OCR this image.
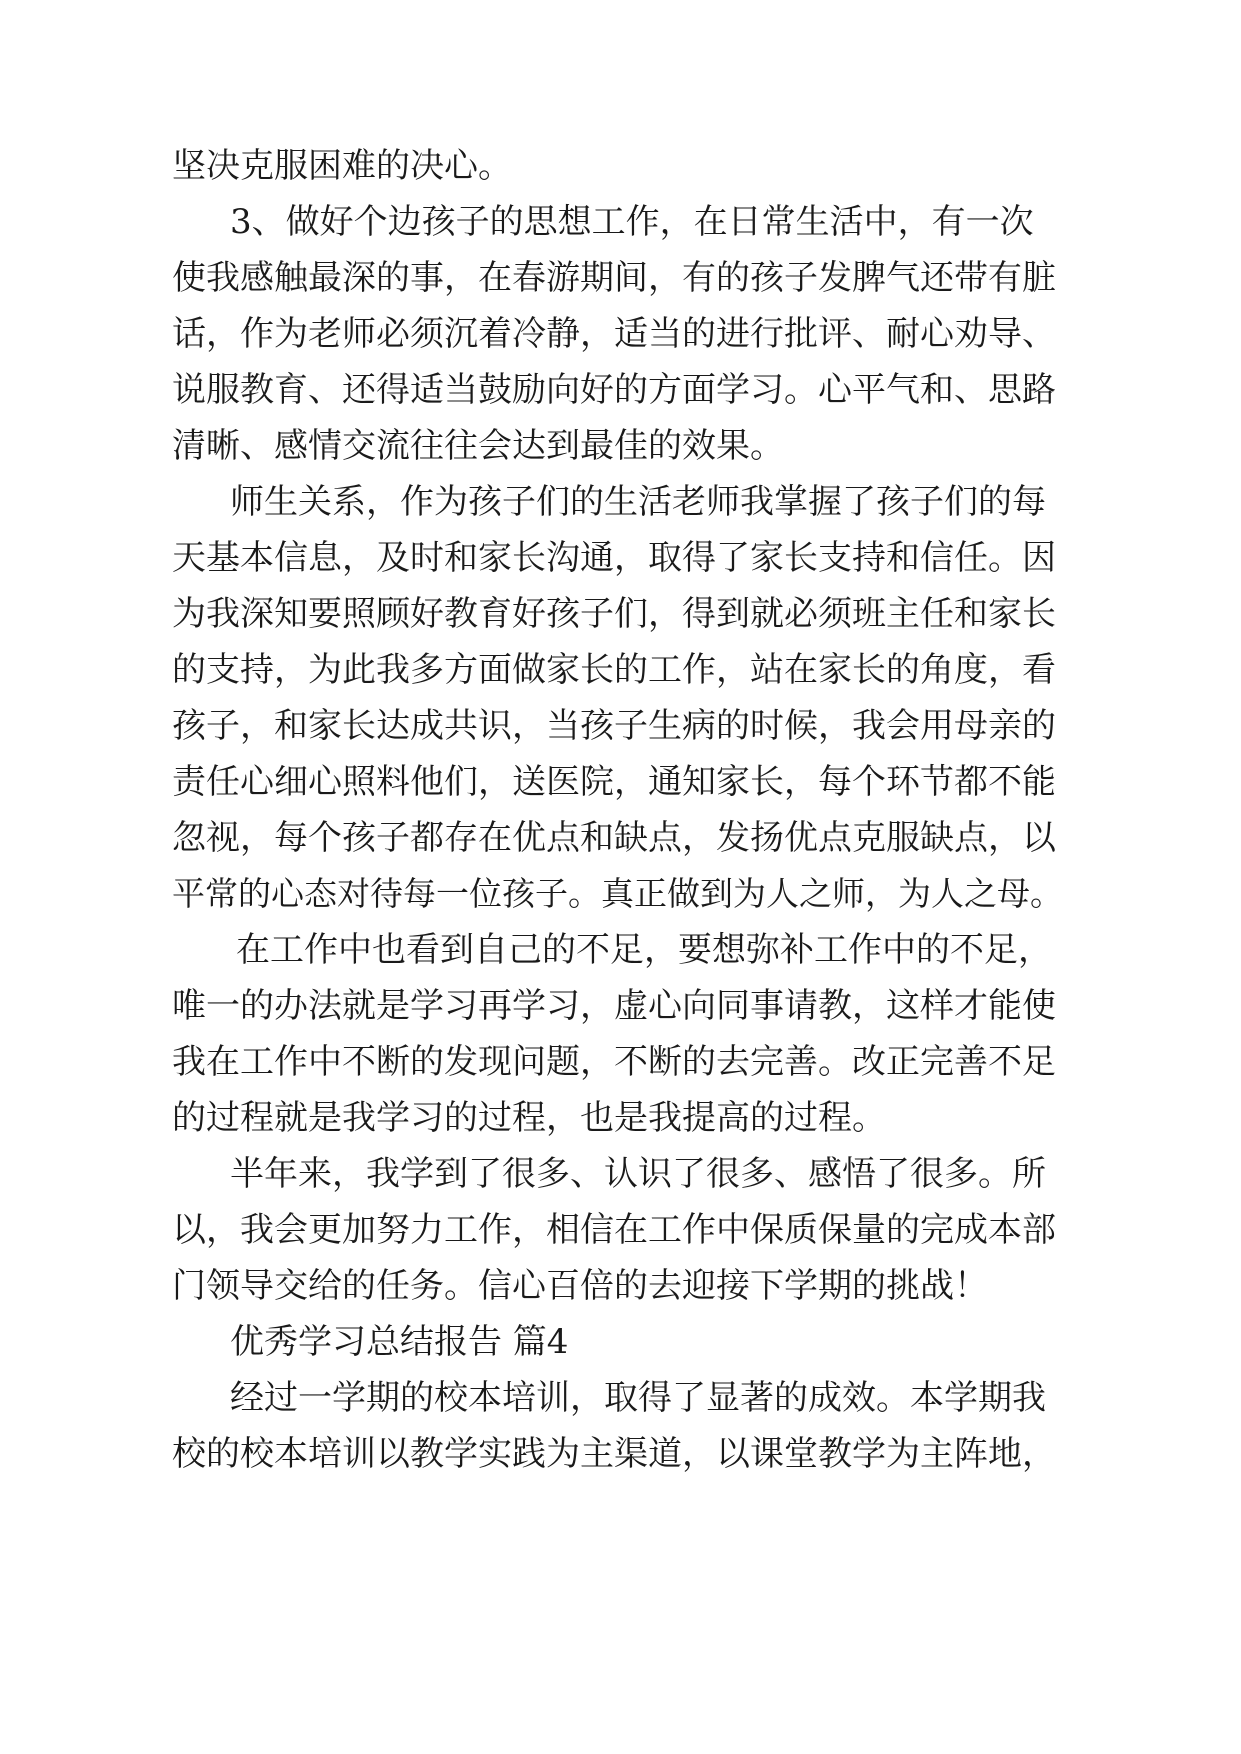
坚决克服困难的决心。
3、做好个边孩子的思想工作，在日常生活中，有一次
使我感触最深的事，在春游期间，有的孩子发脾气还带有脏
话，作为老师必须沉着冷静，适当的进行批评、耐心劝导、
说服教育、还得适当鼓励向好的方面学习。心平气和、思路
清晰、感情交流往往会达到最佳的效果。
师生关系，作为孩子们的生活老师我掌握了孩子们的每
天基本信息，及时和家长沟通，取得了家长支持和信任。因
为我深知要照顾好教育好孩子们，得到就必须班主任和家长
的支持，为此我多方面做家长的工作，站在家长的角度，看
孩子，和家长达成共识，当孩子生病的时候，我会用母亲的
责任心细心照料他们，送医院，通知家长，每个环节都不能
忽视，每个孩子都存在优点和缺点，发扬优点克服缺点，以
平常的心态对待每一位孩子。真正做到为人之师，为人之母。
在工作中也看到自己的不足，要想弥补工作中的不足，
唯一的办法就是学习再学习，虚心向同事请教，这样才能使
我在工作中不断的发现问题，不断的去完善。改正完善不足
的过程就是我学习的过程，也是我提高的过程。
半年来，我学到了很多、认识了很多、感悟了很多。所
以，我会更加努力工作，相信在工作中保质保量的完成本部
门领导交给的任务。信心百倍的去迎接下学期的挑战！
优秀学习总结报告 篇4
经过一学期的校本培训，取得了显著的成效。本学期我
校的校本培训以教学实践为主渠道，以课堂教学为主阵地，
